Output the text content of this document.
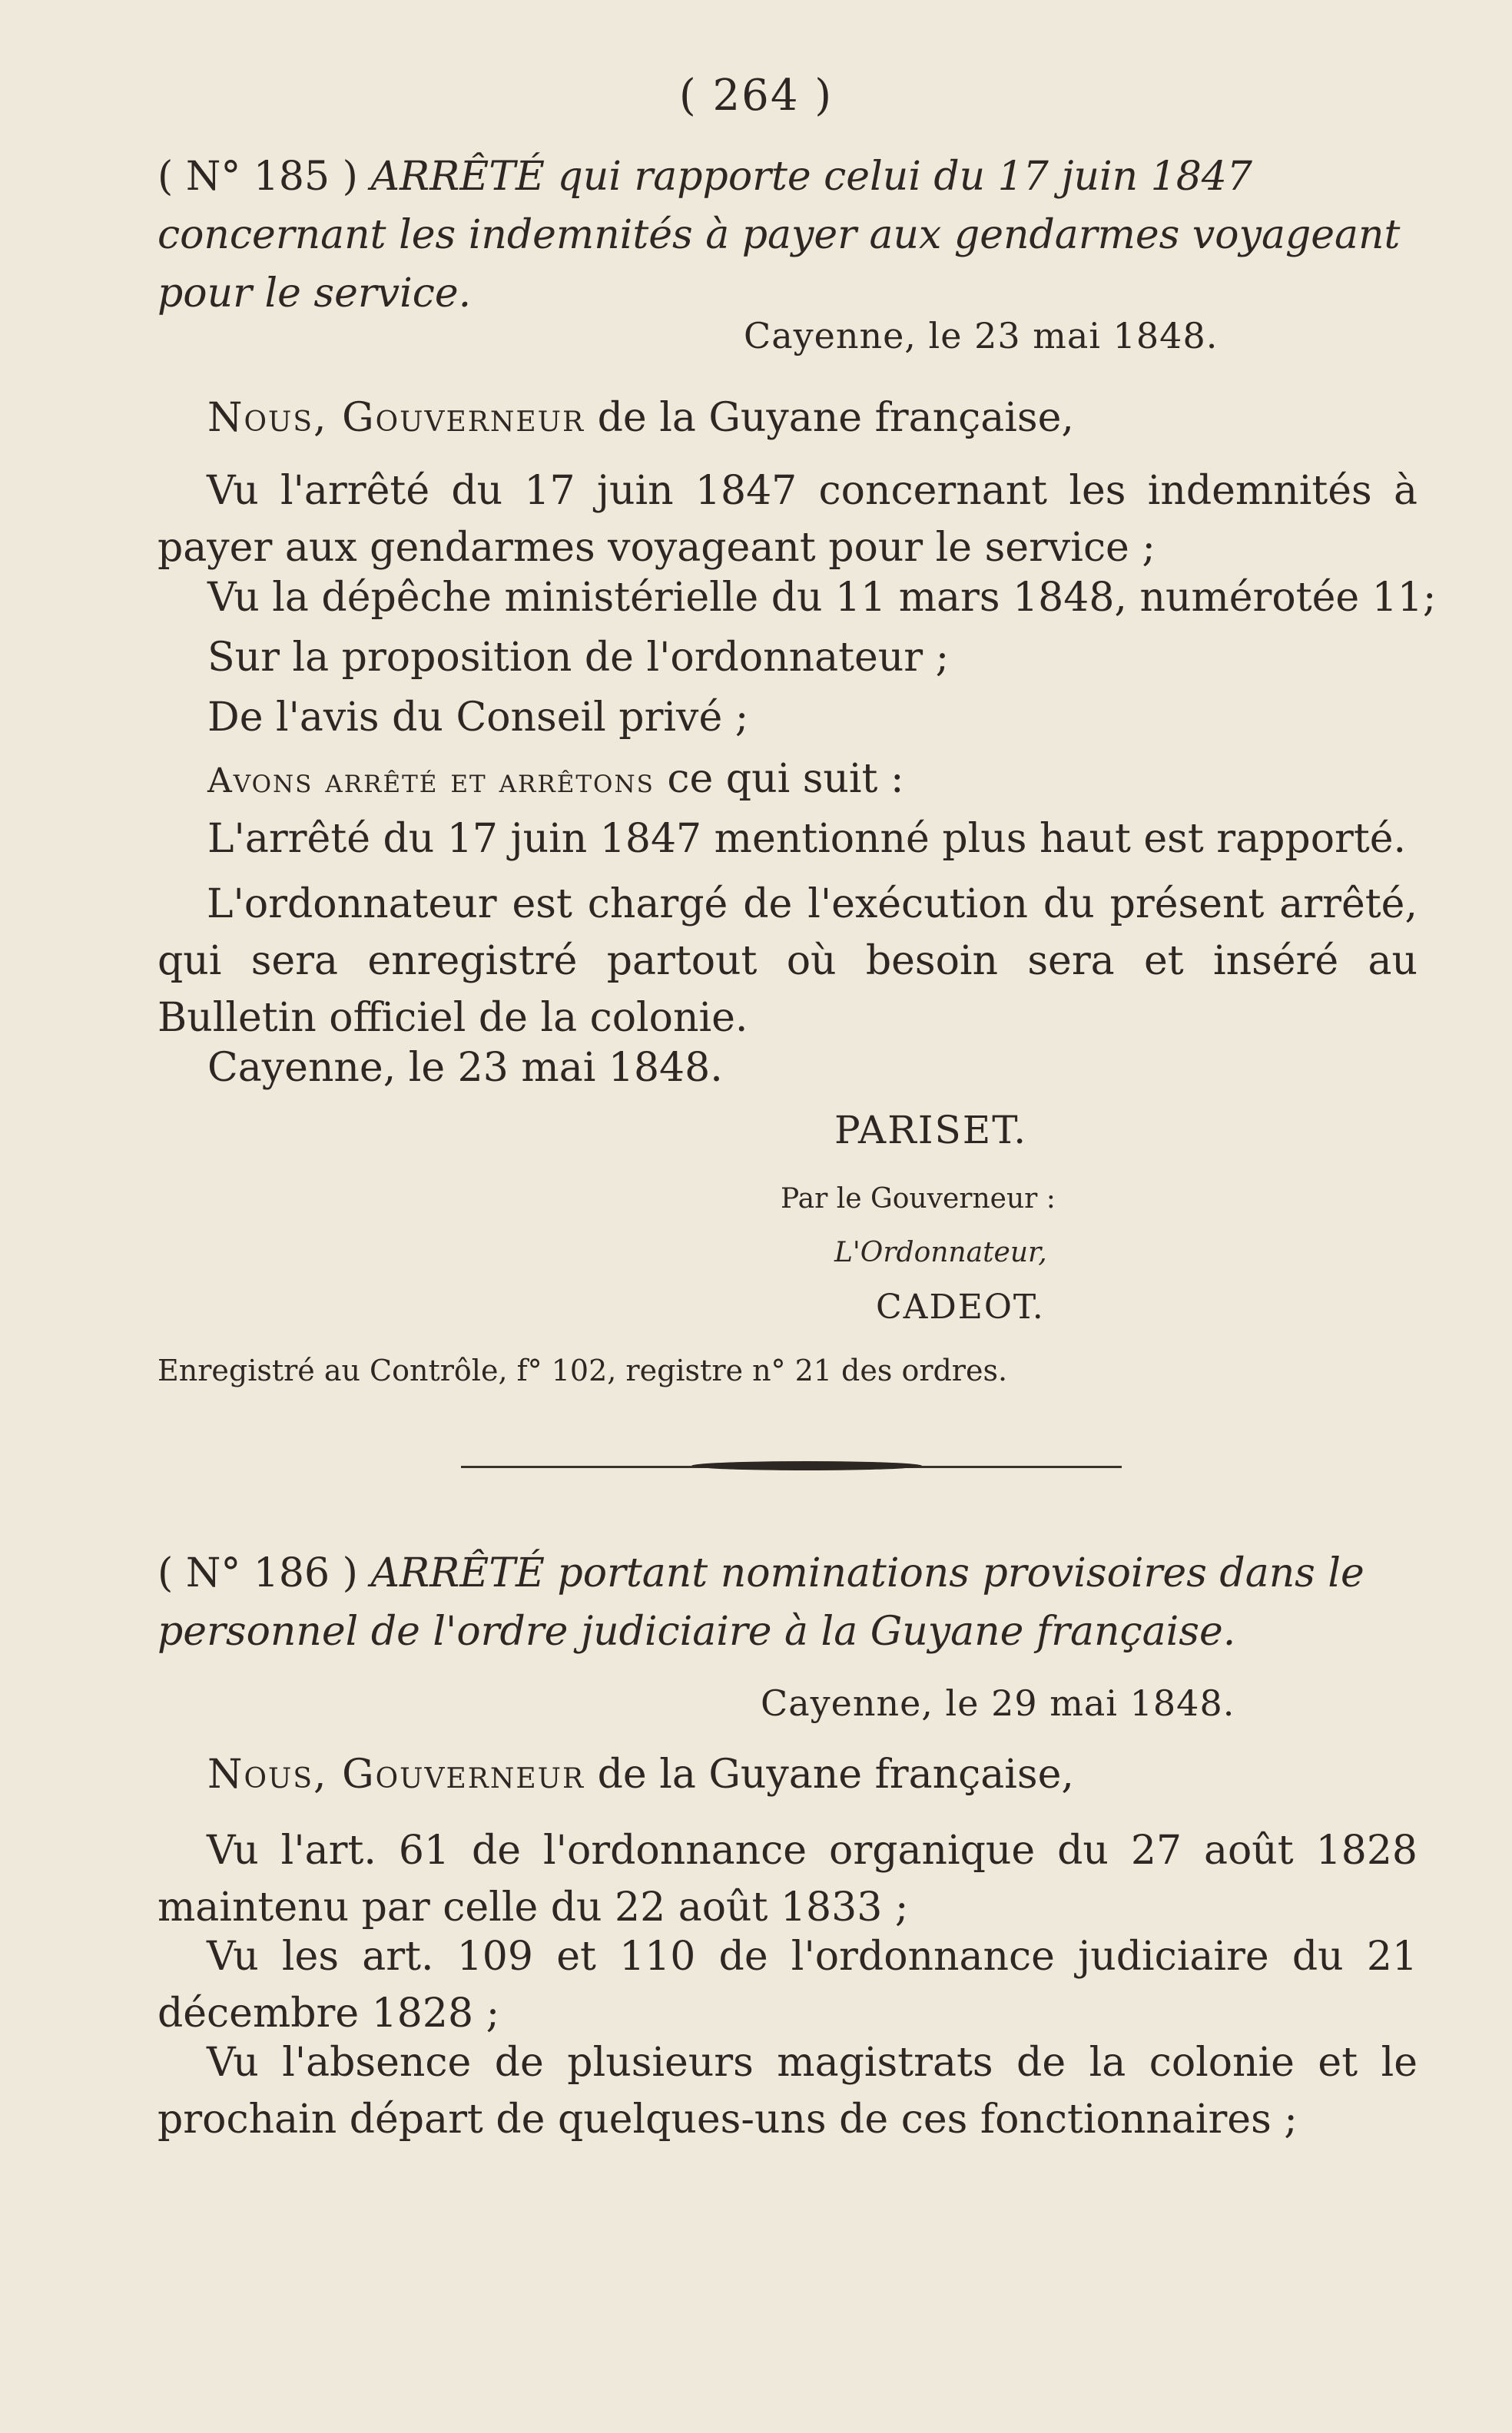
( 264 )
( N° 185 ) ARRÊTÉ qui rapporte celui du 17 juin 1847 concernant les indemnités à payer aux gendarmes voyageant pour le service.
Cayenne, le 23 mai 1848.
Nous, Gouverneur de la Guyane française,
Vu l'arrêté du 17 juin 1847 concernant les indemnités à payer aux gendarmes voyageant pour le service ;
Vu la dépêche ministérielle du 11 mars 1848, numérotée 11;
Sur la proposition de l'ordonnateur ;
De l'avis du Conseil privé ;
Avons arrêté et arrêtons ce qui suit :
L'arrêté du 17 juin 1847 mentionné plus haut est rapporté.
L'ordonnateur est chargé de l'exécution du présent arrêté, qui sera enregistré partout où besoin sera et inséré au Bulletin officiel de la colonie.
Cayenne, le 23 mai 1848.
PARISET.
Par le Gouverneur :
L'Ordonnateur,
CADEOT.
Enregistré au Contrôle, f° 102, registre n° 21 des ordres.
( N° 186 ) ARRÊTÉ portant nominations provisoires dans le personnel de l'ordre judiciaire à la Guyane française.
Cayenne, le 29 mai 1848.
Nous, Gouverneur de la Guyane française,
Vu l'art. 61 de l'ordonnance organique du 27 août 1828 maintenu par celle du 22 août 1833 ;
Vu les art. 109 et 110 de l'ordonnance judiciaire du 21 décembre 1828 ;
Vu l'absence de plusieurs magistrats de la colonie et le prochain départ de quelques-uns de ces fonctionnaires ;
